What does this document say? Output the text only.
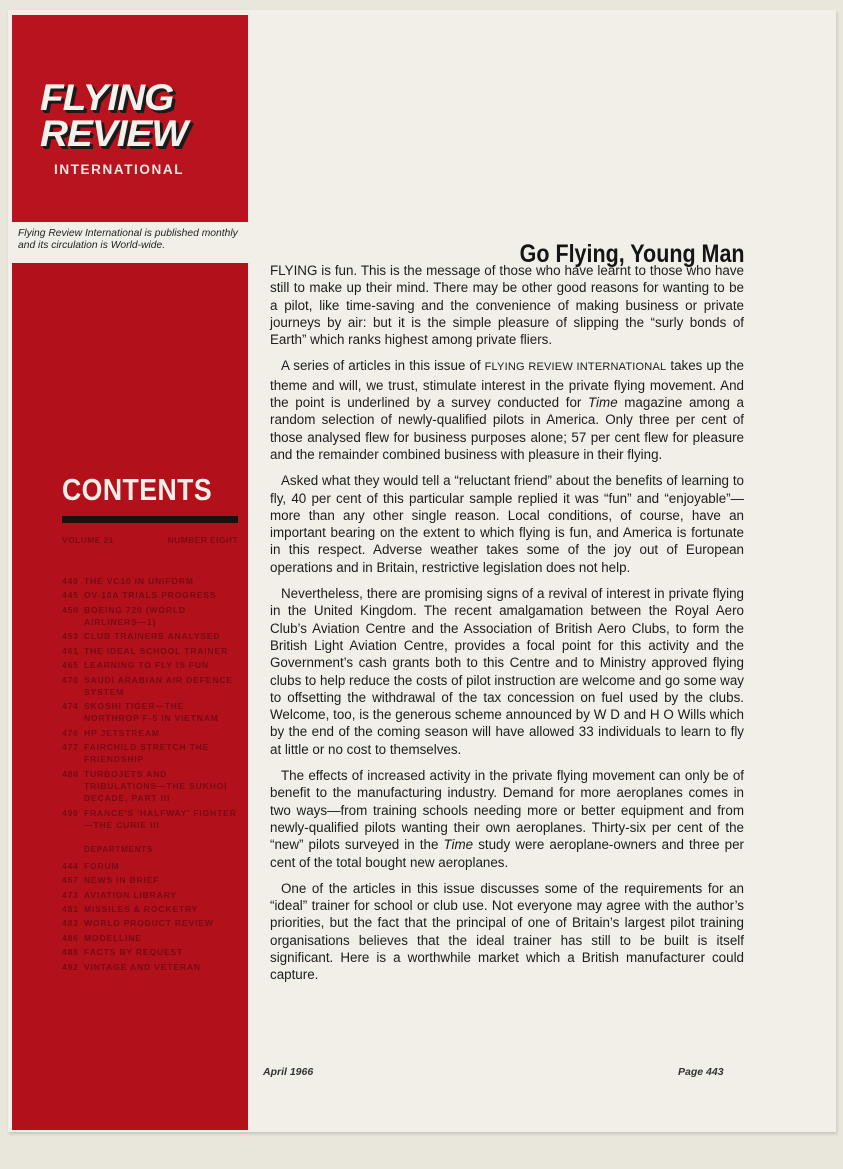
FLYING
REVIEW
INTERNATIONAL
Flying Review International is published monthly and its circulation is World-wide.
CONTENTS
VOLUME 21	NUMBER EIGHT
440 THE VC10 IN UNIFORM
445 OV-10A TRIALS PROGRESS
450 BOEING 720 (WORLD AIRLINERS—1)
453 CLUB TRAINERS ANALYSED
461 THE IDEAL SCHOOL TRAINER
465 LEARNING TO FLY IS FUN
470 SAUDI ARABIAN AIR DEFENCE SYSTEM
474 SKOSHI TIGER—THE NORTHROP F-5 IN VIETNAM
476 HP JETSTREAM
477 FAIRCHILD STRETCH THE FRIENDSHIP
480 TURBOJETS AND TRIBULATIONS—THE SUKHOI DECADE, PART III
490 FRANCE'S 'HALFWAY' FIGHTER—THE CURIE III
DEPARTMENTS
444 FORUM
457 NEWS IN BRIEF
473 AVIATION LIBRARY
481 MISSILES & ROCKETRY
483 WORLD PRODUCT REVIEW
486 MODELLINE
488 FACTS BY REQUEST
492 VINTAGE AND VETERAN
Go Flying, Young Man

FLYING is fun. This is the message of those who have learnt to those who have still to make up their mind. There may be other good reasons for wanting to be a pilot, like time-saving and the convenience of making business or private journeys by air: but it is the simple pleasure of slipping the “surly bonds of Earth” which ranks highest among private fliers.

A series of articles in this issue of FLYING REVIEW INTERNATIONAL takes up the theme and will, we trust, stimulate interest in the private flying movement. And the point is underlined by a survey conducted for Time magazine among a random selection of newly-qualified pilots in America. Only three per cent of those analysed flew for business purposes alone; 57 per cent flew for pleasure and the remainder combined business with pleasure in their flying.

Asked what they would tell a “reluctant friend” about the benefits of learning to fly, 40 per cent of this particular sample replied it was “fun” and “enjoyable”—more than any other single reason. Local conditions, of course, have an important bearing on the extent to which flying is fun, and America is fortunate in this respect. Adverse weather takes some of the joy out of European operations and in Britain, restrictive legislation does not help.

Nevertheless, there are promising signs of a revival of interest in private flying in the United Kingdom. The recent amalgamation between the Royal Aero Club’s Aviation Centre and the Association of British Aero Clubs, to form the British Light Aviation Centre, provides a focal point for this activity and the Government’s cash grants both to this Centre and to Ministry approved flying clubs to help reduce the costs of pilot instruction are welcome and go some way to offsetting the withdrawal of the tax concession on fuel used by the clubs. Welcome, too, is the generous scheme announced by W D and H O Wills which by the end of the coming season will have allowed 33 individuals to learn to fly at little or no cost to themselves.

The effects of increased activity in the private flying movement can only be of benefit to the manufacturing industry. Demand for more aeroplanes comes in two ways—from training schools needing more or better equipment and from newly-qualified pilots wanting their own aeroplanes. Thirty-six per cent of the “new” pilots surveyed in the Time study were aeroplane-owners and three per cent of the total bought new aeroplanes.

One of the articles in this issue discusses some of the requirements for an “ideal” trainer for school or club use. Not everyone may agree with the author’s priorities, but the fact that the principal of one of Britain’s largest pilot training organisations believes that the ideal trainer has still to be built is itself significant. Here is a worthwhile market which a British manufacturer could capture.

April 1966	Page 443
